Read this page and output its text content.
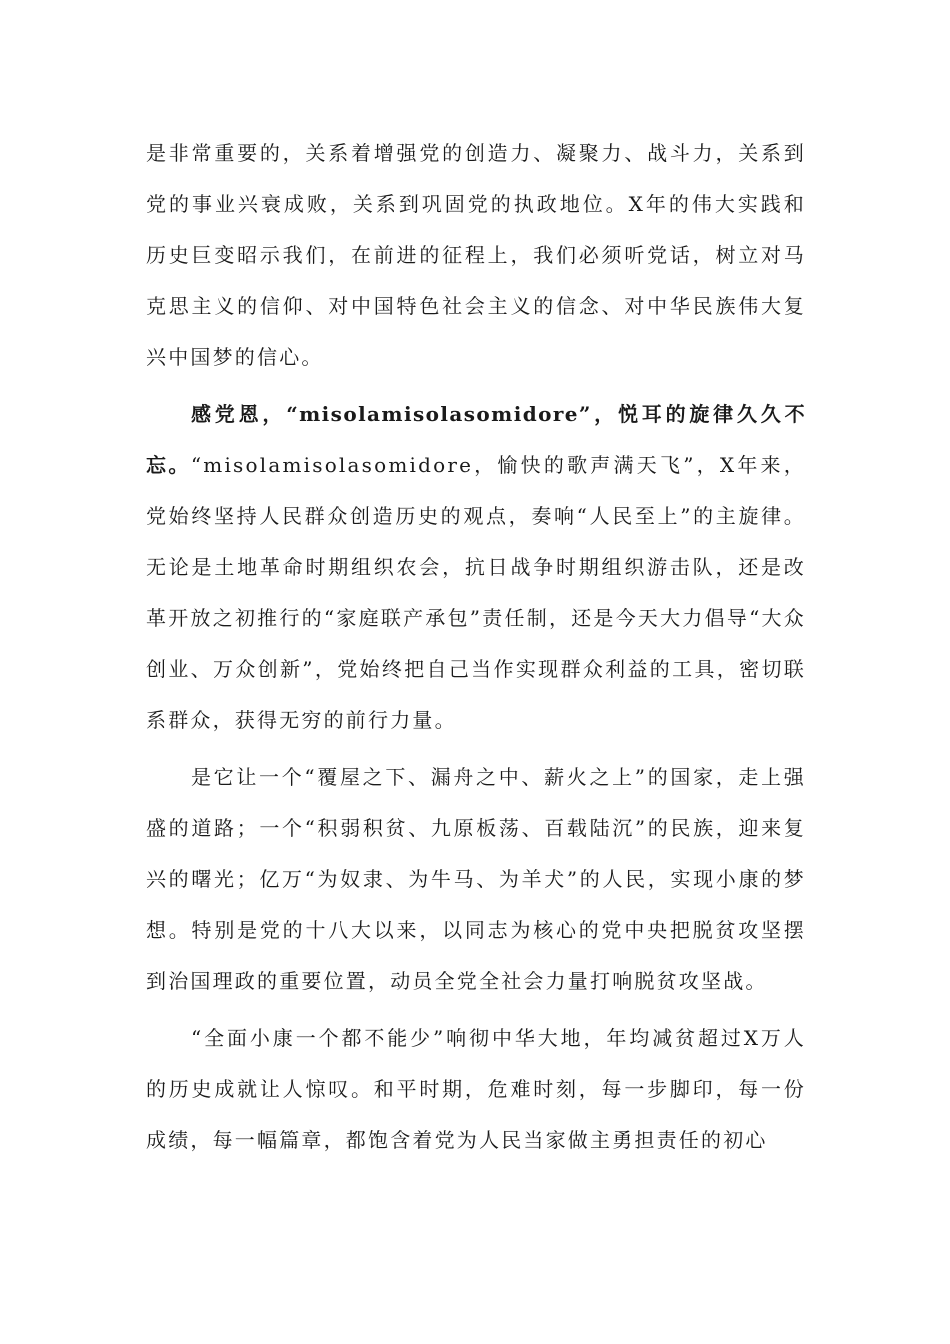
是非常重要的，关系着增强党的创造力、凝聚力、战斗力，关系到党的事业兴衰成败，关系到巩固党的执政地位。X年的伟大实践和历史巨变昭示我们，在前进的征程上，我们必须听党话，树立对马克思主义的信仰、对中国特色社会主义的信念、对中华民族伟大复兴中国梦的信心。

感党恩，“misolamisolasomidore”，悦耳的旋律久久不忘。“misolamisolasomidore，愉快的歌声满天飞”，X年来，党始终坚持人民群众创造历史的观点，奏响“人民至上”的主旋律。无论是土地革命时期组织农会，抗日战争时期组织游击队，还是改革开放之初推行的“家庭联产承包”责任制，还是今天大力倡导“大众创业、万众创新”，党始终把自己当作实现群众利益的工具，密切联系群众，获得无穷的前行力量。

是它让一个“覆屋之下、漏舟之中、薪火之上”的国家，走上强盛的道路；一个“积弱积贫、九原板荡、百载陆沉”的民族，迎来复兴的曙光；亿万“为奴隶、为牛马、为羊犬”的人民，实现小康的梦想。特别是党的十八大以来，以同志为核心的党中央把脱贫攻坚摆到治国理政的重要位置，动员全党全社会力量打响脱贫攻坚战。

“全面小康一个都不能少”响彻中华大地，年均减贫超过X万人的历史成就让人惊叹。和平时期，危难时刻，每一步脚印，每一份成绩，每一幅篇章，都饱含着党为人民当家做主勇担责任的初心
